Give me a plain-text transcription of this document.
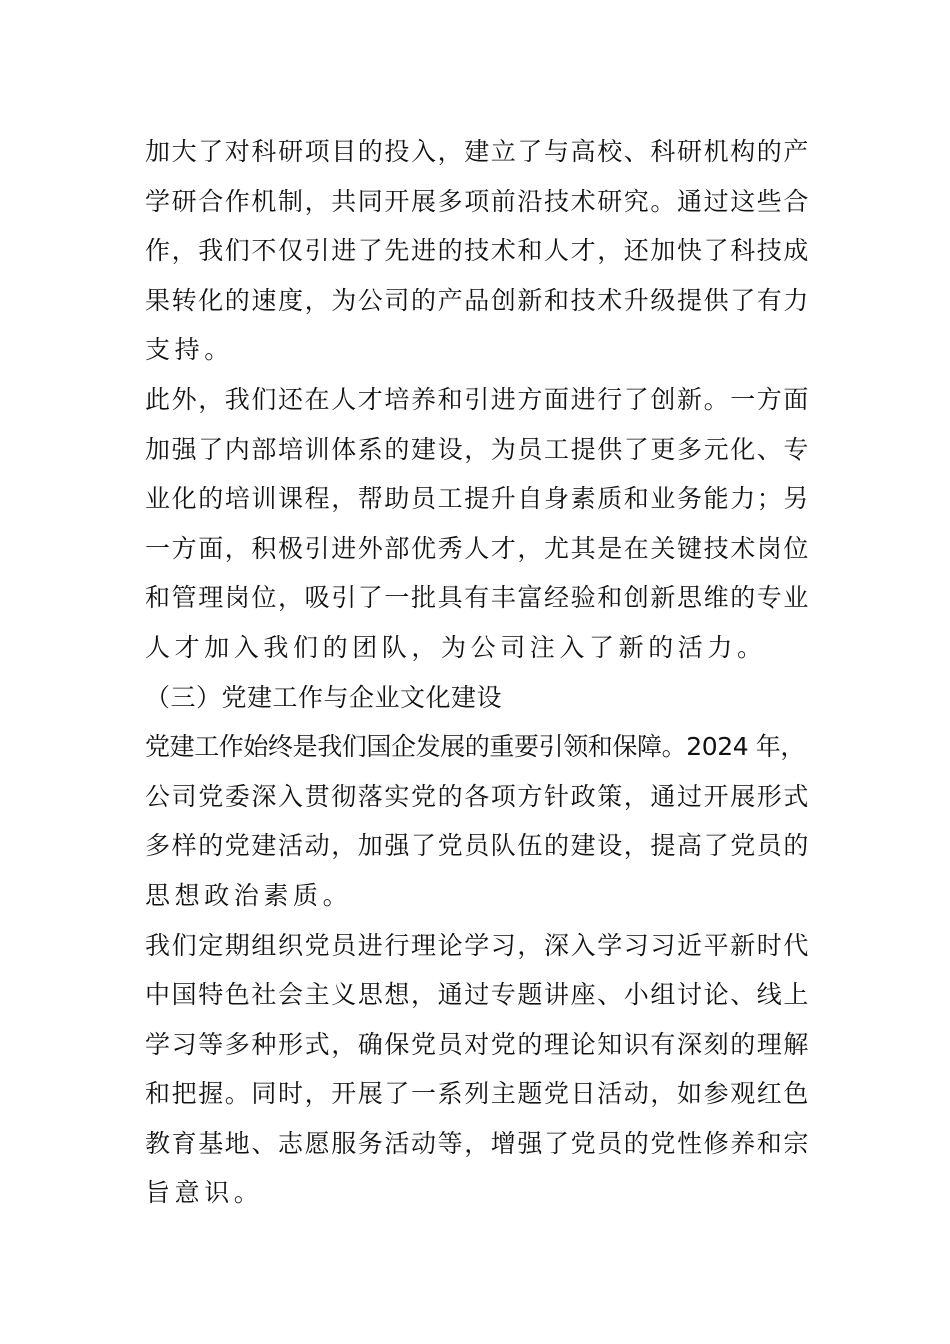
加大了对科研项目的投入，建立了与高校、科研机构的产
学研合作机制，共同开展多项前沿技术研究。通过这些合
作，我们不仅引进了先进的技术和人才，还加快了科技成
果转化的速度，为公司的产品创新和技术升级提供了有力
支持。
此外，我们还在人才培养和引进方面进行了创新。一方面
加强了内部培训体系的建设，为员工提供了更多元化、专
业化的培训课程，帮助员工提升自身素质和业务能力；另
一方面，积极引进外部优秀人才，尤其是在关键技术岗位
和管理岗位，吸引了一批具有丰富经验和创新思维的专业
人才加入我们的团队，为公司注入了新的活力。
（三）党建工作与企业文化建设
党建工作始终是我们国企发展的重要引领和保障。2024 年，
公司党委深入贯彻落实党的各项方针政策，通过开展形式
多样的党建活动，加强了党员队伍的建设，提高了党员的
思想政治素质。
我们定期组织党员进行理论学习，深入学习习近平新时代
中国特色社会主义思想，通过专题讲座、小组讨论、线上
学习等多种形式，确保党员对党的理论知识有深刻的理解
和把握。同时，开展了一系列主题党日活动，如参观红色
教育基地、志愿服务活动等，增强了党员的党性修养和宗
旨意识。
